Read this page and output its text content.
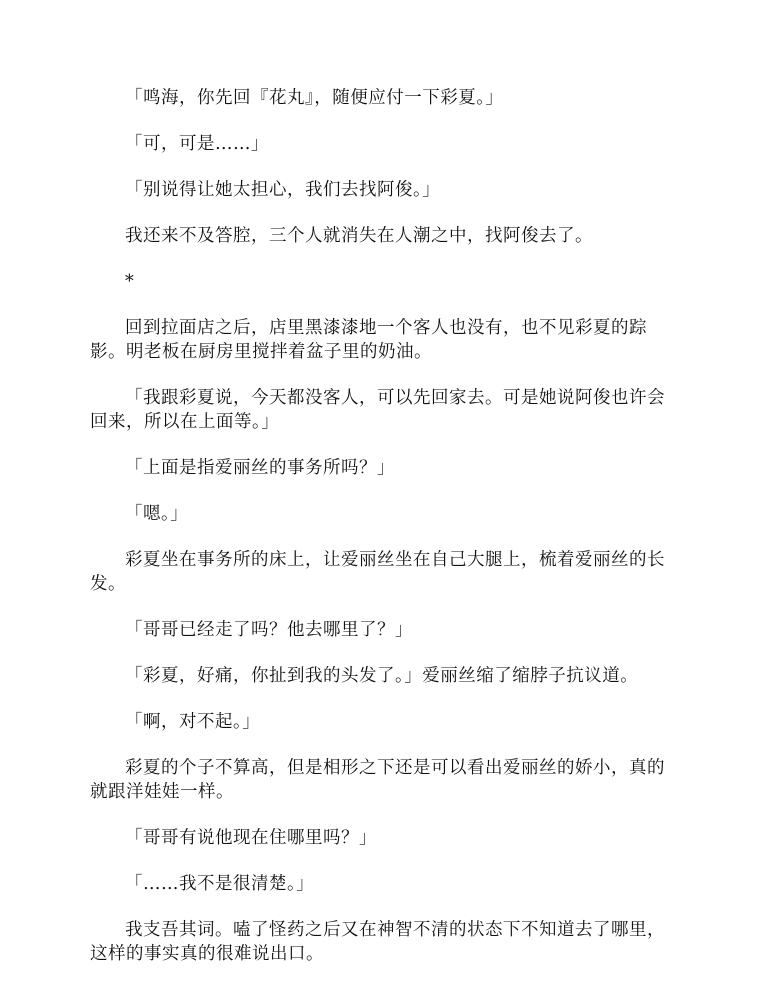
「鸣海，你先回『花丸』，随便应付一下彩夏。」

「可，可是……」

「别说得让她太担心，我们去找阿俊。」

我还来不及答腔，三个人就消失在人潮之中，找阿俊去了。

*

回到拉面店之后，店里黑漆漆地一个客人也没有，也不见彩夏的踪影。明老板在厨房里搅拌着盆子里的奶油。

「我跟彩夏说，今天都没客人，可以先回家去。可是她说阿俊也许会回来，所以在上面等。」

「上面是指爱丽丝的事务所吗？」

「嗯。」

彩夏坐在事务所的床上，让爱丽丝坐在自己大腿上，梳着爱丽丝的长发。

「哥哥已经走了吗？他去哪里了？」

「彩夏，好痛，你扯到我的头发了。」爱丽丝缩了缩脖子抗议道。

「啊，对不起。」

彩夏的个子不算高，但是相形之下还是可以看出爱丽丝的娇小，真的就跟洋娃娃一样。

「哥哥有说他现在住哪里吗？」

「……我不是很清楚。」

我支吾其词。嗑了怪药之后又在神智不清的状态下不知道去了哪里，这样的事实真的很难说出口。
